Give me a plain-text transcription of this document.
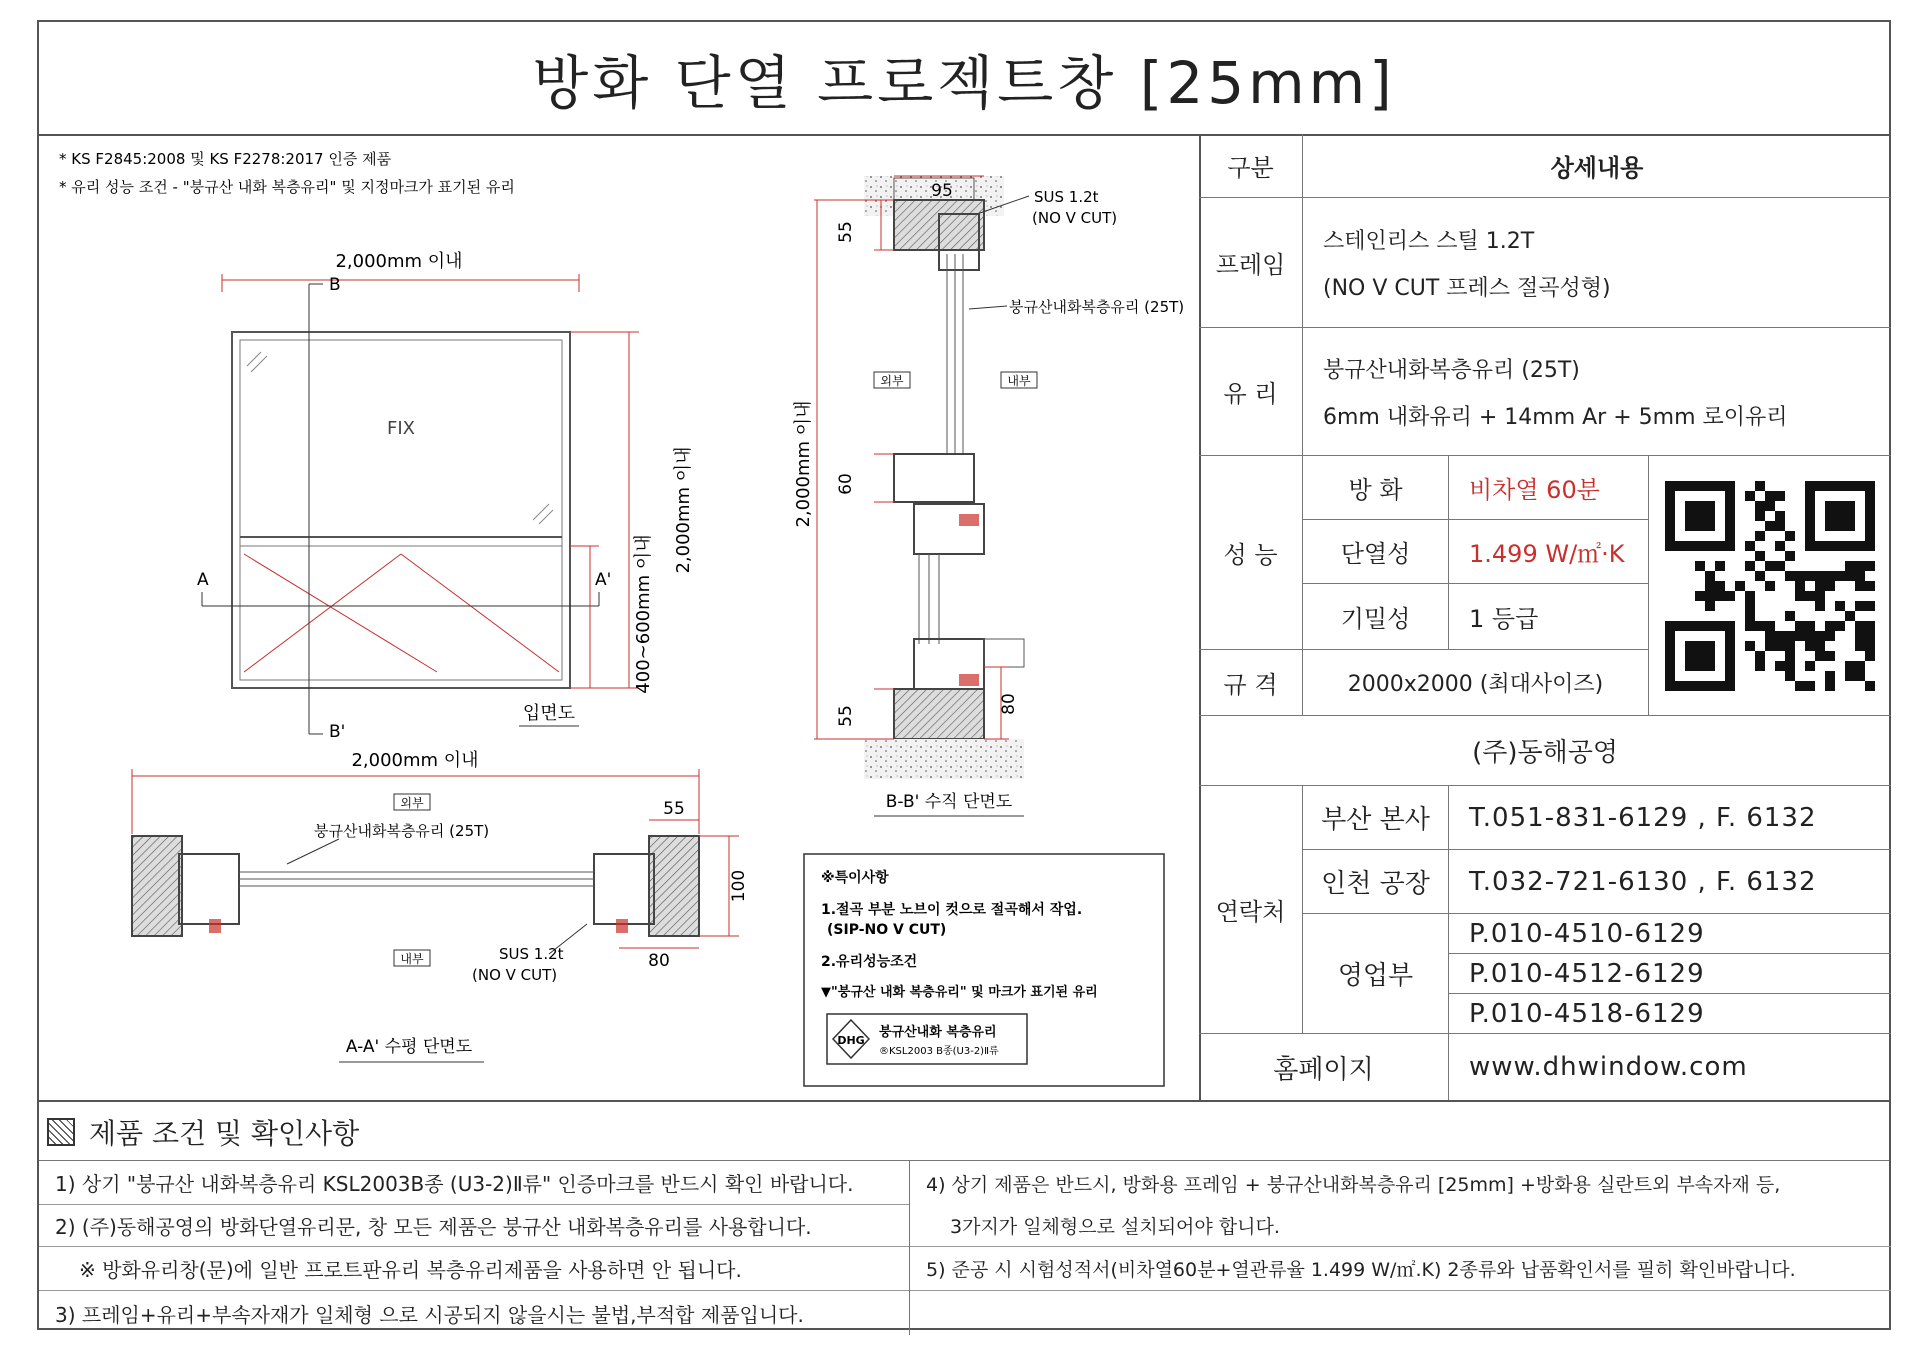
방화 단열 프로젝트창 [25mm]
* KS F2845:2008 및 KS F2278:2017 인증 제품
* 유리 성능 조건 - "붕규산 내화 복층유리" 및 지정마크가 표기된 유리
2,000mm 이내
FIX
B
B'
A	A'
2,000mm 이내
400~600mm 이내
입면도
95	SUS 1.2t
(NO V CUT)
55
붕규산내화복층유리 (25T)
외부	내부
60
55
80
2,000mm 이내
B-B' 수직 단면도
2,000mm 이내
외부
붕규산내화복층유리 (25T)
내부
55
100
80
SUS 1.2t
(NO V CUT)
A-A' 수평 단면도
※특이사항
1.절곡 부분 노브이 컷으로 절곡해서 작업.
(SIP-NO V CUT)
2.유리성능조건
▼"붕규산 내화 복층유리" 및 마크가 표기된 유리
DHG
붕규산내화 복층유리
®KSL2003 B종(U3-2)Ⅱ류
구분	상세내용
프레임
스테인리스 스틸 1.2T
(NO V CUT 프레스 절곡성형)
유 리
붕규산내화복층유리 (25T)
6mm 내화유리 + 14mm Ar + 5mm 로이유리
성 능
방 화	비차열 60분
단열성	1.499 W/㎡·K
기밀성	1 등급
규 격	2000x2000 (최대사이즈)
(주)동해공영
연락처
부산 본사	T.051-831-6129 , F. 6132
인천 공장	T.032-721-6130 , F. 6132
영업부
P.010-4510-6129
P.010-4512-6129
P.010-4518-6129
홈페이지	www.dhwindow.com
제품 조건 및 확인사항
1) 상기 "붕규산 내화복층유리 KSL2003B종 (U3-2)Ⅱ류" 인증마크를 반드시 확인 바랍니다.
2) (주)동해공영의 방화단열유리문, 창 모든 제품은 붕규산 내화복층유리를 사용합니다.
※ 방화유리창(문)에 일반 프로트판유리 복층유리제품을 사용하면 안 됩니다.
3) 프레임+유리+부속자재가 일체형 으로 시공되지 않을시는 불법,부적합 제품입니다.
4) 상기 제품은 반드시, 방화용 프레임 + 붕규산내화복층유리 [25mm] +방화용 실란트외 부속자재 등,
3가지가 일체형으로 설치되어야 합니다.
5) 준공 시 시험성적서(비차열60분+열관류율 1.499 W/㎡.K) 2종류와 납품확인서를 필히 확인바랍니다.
